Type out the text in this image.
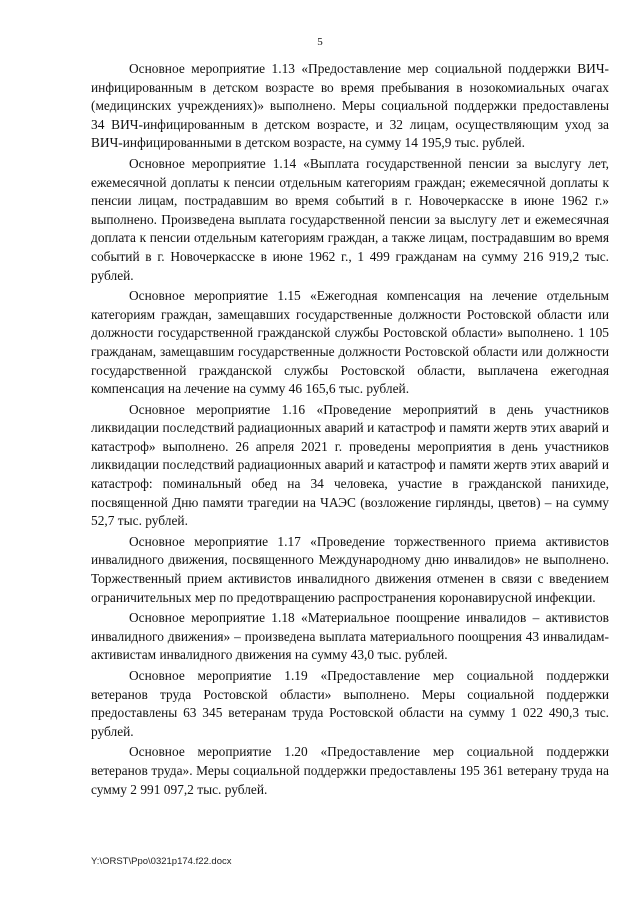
5

Основное мероприятие 1.13 «Предоставление мер социальной поддержки ВИЧ-инфицированным в детском возрасте во время пребывания в нозокомиальных очагах (медицинских учреждениях)» выполнено. Меры социальной поддержки предоставлены 34 ВИЧ-инфицированным в детском возрасте, и 32 лицам, осуществляющим уход за ВИЧ-инфицированными в детском возрасте, на сумму 14 195,9 тыс. рублей.

Основное мероприятие 1.14 «Выплата государственной пенсии за выслугу лет, ежемесячной доплаты к пенсии отдельным категориям граждан; ежемесячной доплаты к пенсии лицам, пострадавшим во время событий в г. Новочеркасске в июне 1962 г.» выполнено. Произведена выплата государственной пенсии за выслугу лет и ежемесячная доплата к пенсии отдельным категориям граждан, а также лицам, пострадавшим во время событий в г. Новочеркасске в июне 1962 г., 1 499 гражданам на сумму 216 919,2 тыс. рублей.

Основное мероприятие 1.15 «Ежегодная компенсация на лечение отдельным категориям граждан, замещавших государственные должности Ростовской области или должности государственной гражданской службы Ростовской области» выполнено. 1 105 гражданам, замещавшим государственные должности Ростовской области или должности государственной гражданской службы Ростовской области, выплачена ежегодная компенсация на лечение на сумму 46 165,6 тыс. рублей.

Основное мероприятие 1.16 «Проведение мероприятий в день участников ликвидации последствий радиационных аварий и катастроф и памяти жертв этих аварий и катастроф» выполнено. 26 апреля 2021 г. проведены мероприятия в день участников ликвидации последствий радиационных аварий и катастроф и памяти жертв этих аварий и катастроф: поминальный обед на 34 человека, участие в гражданской панихиде, посвященной Дню памяти трагедии на ЧАЭС (возложение гирлянды, цветов) – на сумму 52,7 тыс. рублей.

Основное мероприятие 1.17 «Проведение торжественного приема активистов инвалидного движения, посвященного Международному дню инвалидов» не выполнено. Торжественный прием активистов инвалидного движения отменен в связи с введением ограничительных мер по предотвращению распространения коронавирусной инфекции.

Основное мероприятие 1.18 «Материальное поощрение инвалидов – активистов инвалидного движения» – произведена выплата материального поощрения 43 инвалидам-активистам инвалидного движения на сумму 43,0 тыс. рублей.

Основное мероприятие 1.19 «Предоставление мер социальной поддержки ветеранов труда Ростовской области» выполнено. Меры социальной поддержки предоставлены 63 345 ветеранам труда Ростовской области на сумму 1 022 490,3 тыс. рублей.

Основное мероприятие 1.20 «Предоставление мер социальной поддержки ветеранов труда». Меры социальной поддержки предоставлены 195 361 ветерану труда на сумму 2 991 097,2 тыс. рублей.

Y:\ORST\Ppo\0321p174.f22.docx
